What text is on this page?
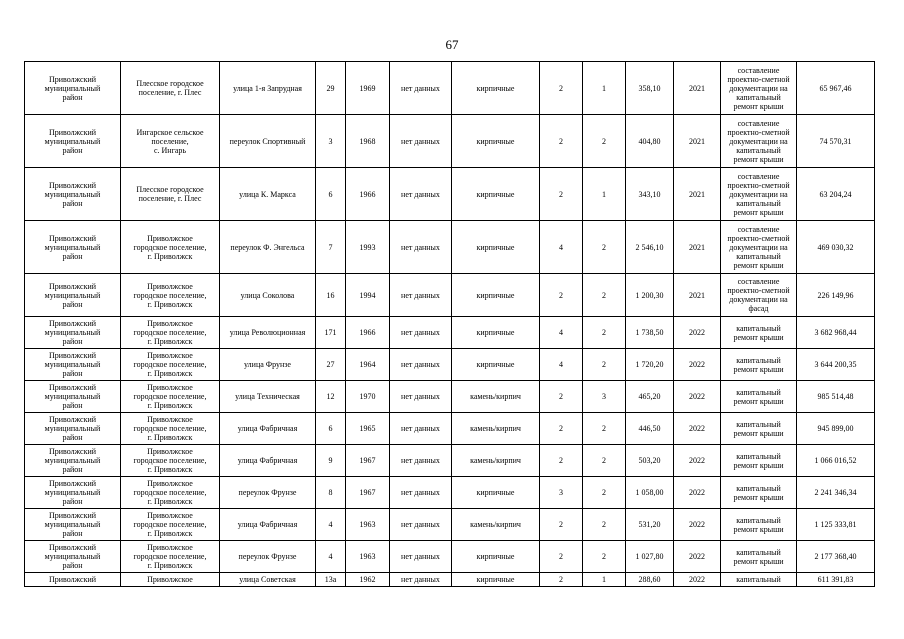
67
Приволжский
муниципальный
район	Плесское городское
поселение, г. Плес	улица 1-я Запрудная	29	1969	нет данных	кирпичные	2	1	358,10	2021	составление
проектно-сметной
документации на
капитальный
ремонт крыши	65 967,46

Приволжский
муниципальный
район	Ингарское сельское
поселение,
с. Ингарь	переулок Спортивный	3	1968	нет данных	кирпичные	2	2	404,80	2021	составление
проектно-сметной
документации на
капитальный
ремонт крыши	74 570,31

Приволжский
муниципальный
район	Плесское городское
поселение, г. Плес	улица К. Маркса	6	1966	нет данных	кирпичные	2	1	343,10	2021	составление
проектно-сметной
документации на
капитальный
ремонт крыши	63 204,24

Приволжский
муниципальный
район	Приволжское
городское поселение,
г. Приволжск	переулок Ф. Энгельса	7	1993	нет данных	кирпичные	4	2	2 546,10	2021	составление
проектно-сметной
документации на
капитальный
ремонт крыши	469 030,32

Приволжский
муниципальный
район	Приволжское
городское поселение,
г. Приволжск	улица Соколова	16	1994	нет данных	кирпичные	2	2	1 200,30	2021	составление
проектно-сметной
документации на
фасад	226 149,96

Приволжский
муниципальный
район	Приволжское
городское поселение,
г. Приволжск	улица Революционная	171	1966	нет данных	кирпичные	4	2	1 738,50	2022	капитальный
ремонт крыши	3 682 968,44

Приволжский
муниципальный
район	Приволжское
городское поселение,
г. Приволжск	улица Фрунзе	27	1964	нет данных	кирпичные	4	2	1 720,20	2022	капитальный
ремонт крыши	3 644 200,35

Приволжский
муниципальный
район	Приволжское
городское поселение,
г. Приволжск	улица Техническая	12	1970	нет данных	камень/кирпич	2	3	465,20	2022	капитальный
ремонт крыши	985 514,48

Приволжский
муниципальный
район	Приволжское
городское поселение,
г. Приволжск	улица Фабричная	6	1965	нет данных	камень/кирпич	2	2	446,50	2022	капитальный
ремонт крыши	945 899,00

Приволжский
муниципальный
район	Приволжское
городское поселение,
г. Приволжск	улица Фабричная	9	1967	нет данных	камень/кирпич	2	2	503,20	2022	капитальный
ремонт крыши	1 066 016,52

Приволжский
муниципальный
район	Приволжское
городское поселение,
г. Приволжск	переулок Фрунзе	8	1967	нет данных	кирпичные	3	2	1 058,00	2022	капитальный
ремонт крыши	2 241 346,34

Приволжский
муниципальный
район	Приволжское
городское поселение,
г. Приволжск	улица Фабричная	4	1963	нет данных	камень/кирпич	2	2	531,20	2022	капитальный
ремонт крыши	1 125 333,81

Приволжский
муниципальный
район	Приволжское
городское поселение,
г. Приволжск	переулок Фрунзе	4	1963	нет данных	кирпичные	2	2	1 027,80	2022	капитальный
ремонт крыши	2 177 368,40

Приволжский	Приволжское	улица Советская	13а	1962	нет данных	кирпичные	2	1	288,60	2022	капитальный	611 391,83
